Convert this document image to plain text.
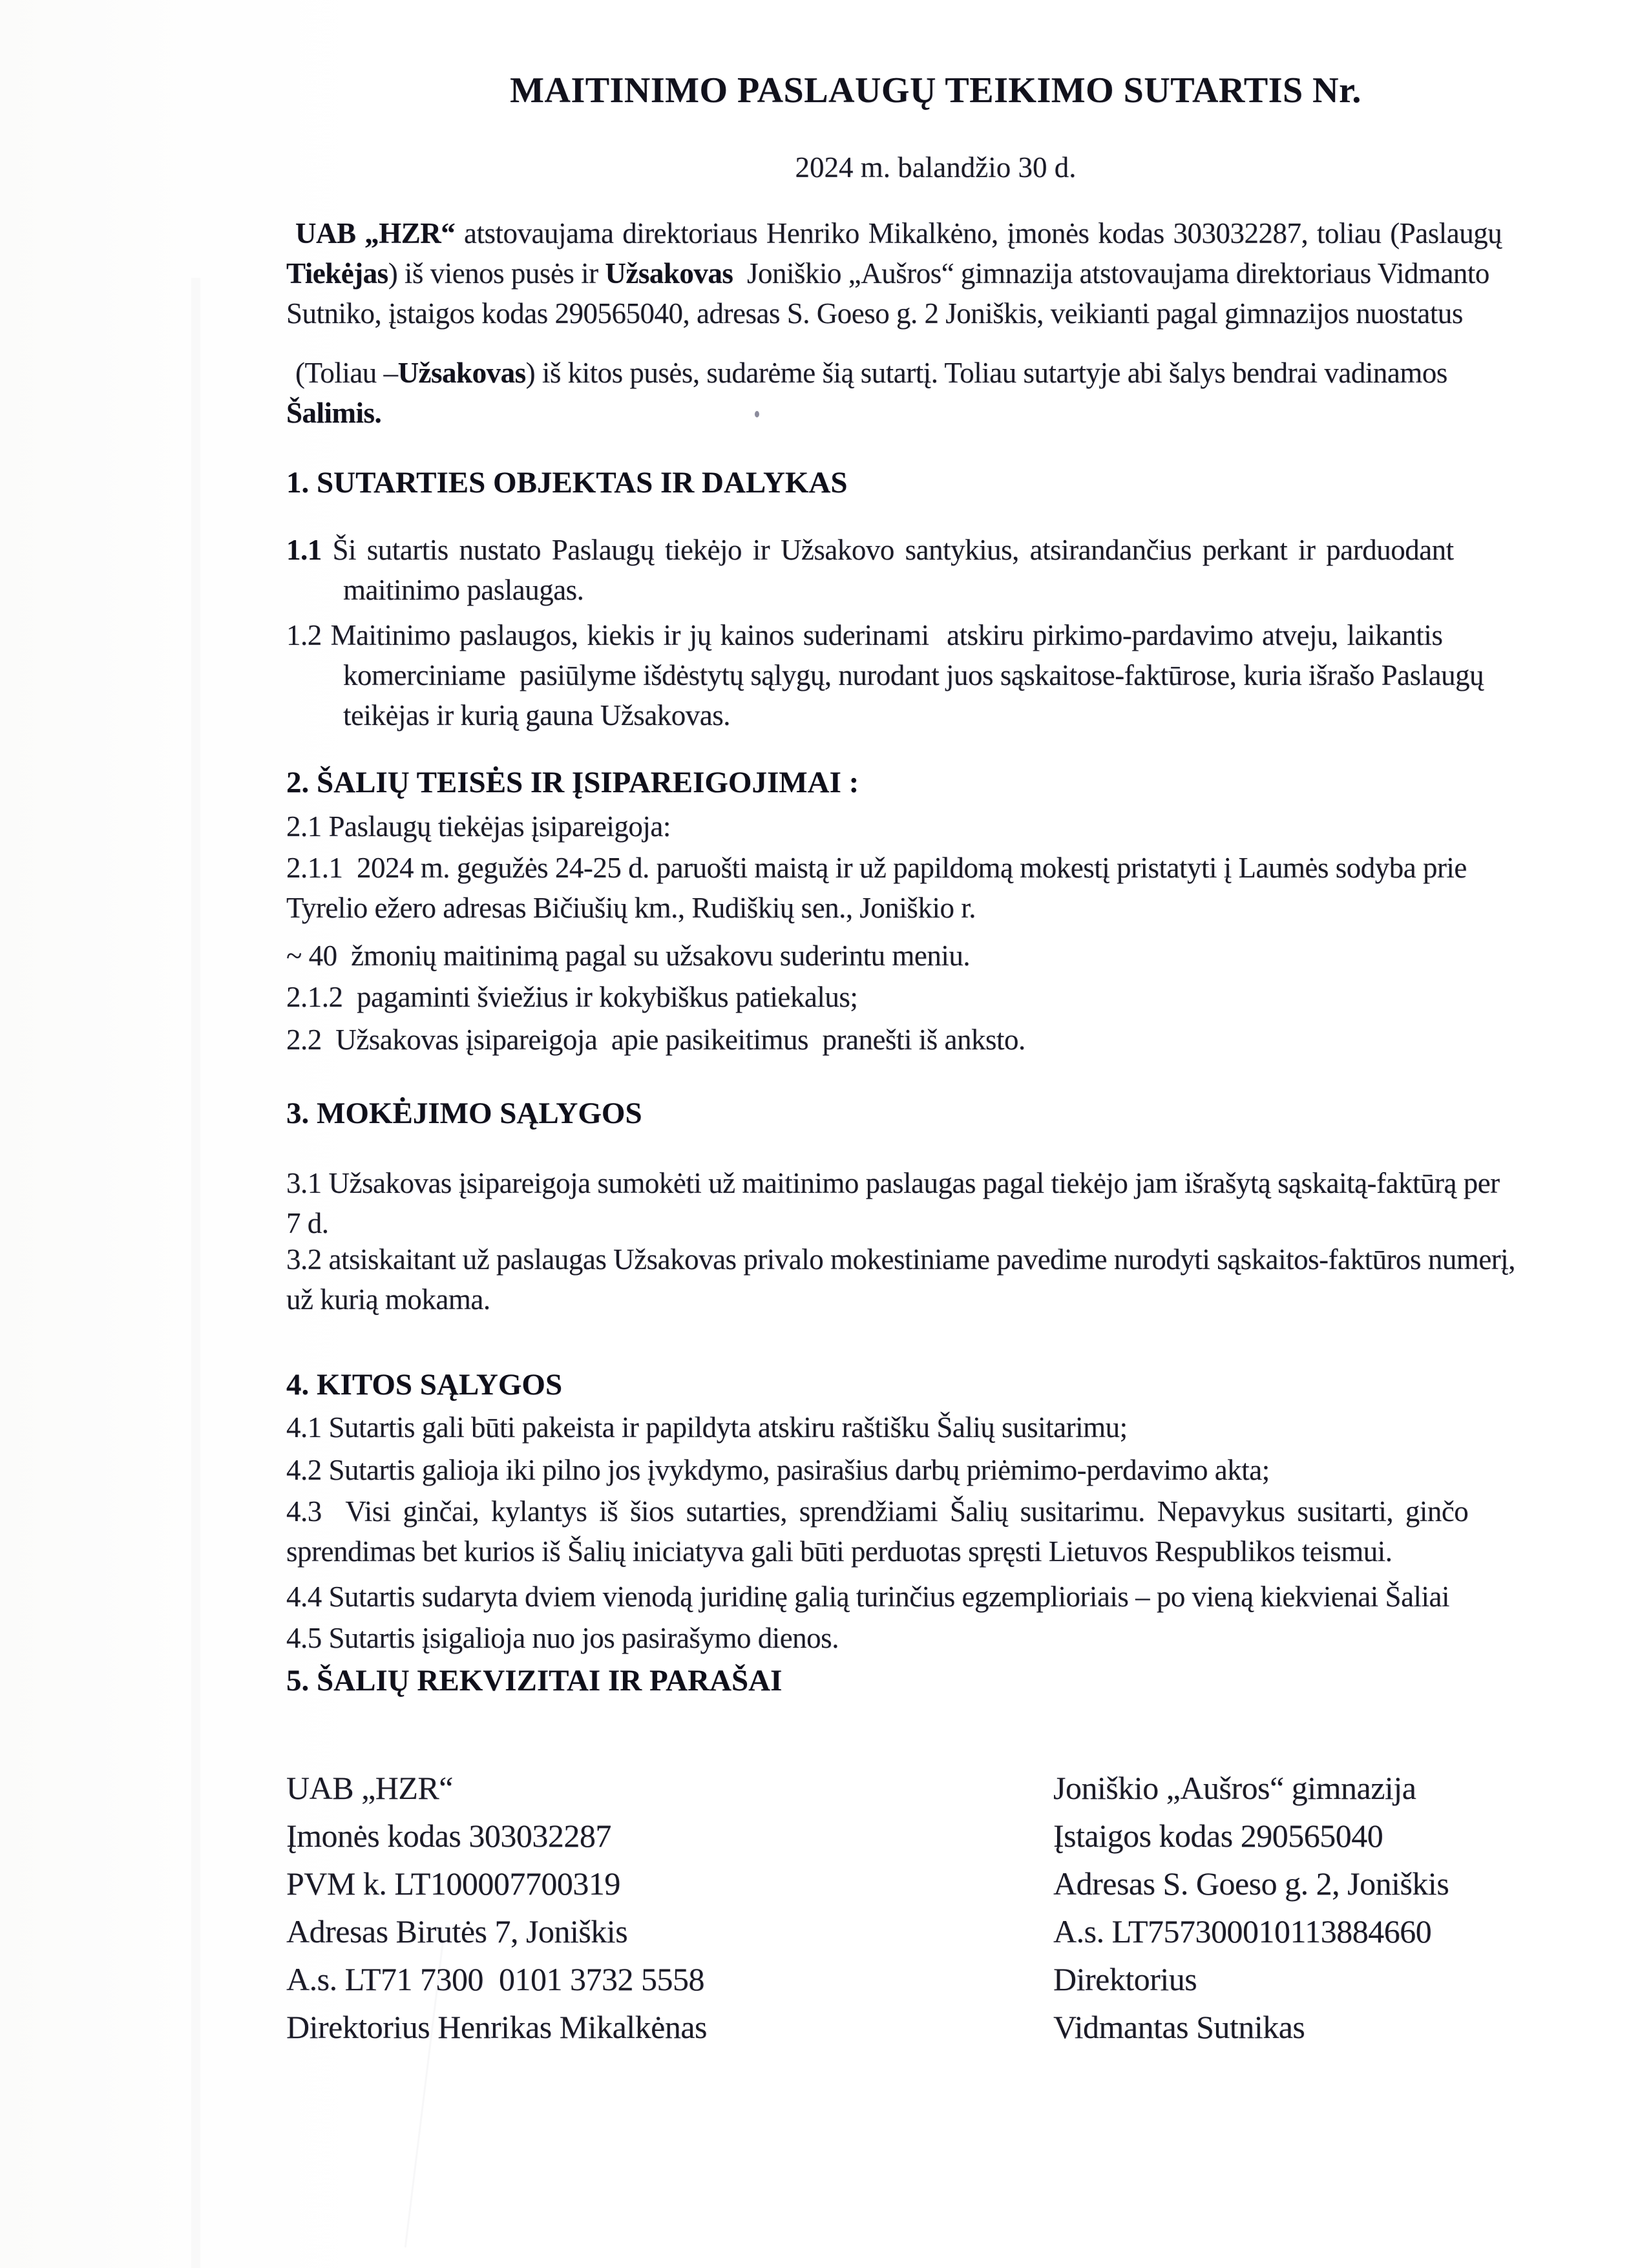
MAITINIMO PASLAUGŲ TEIKIMO SUTARTIS Nr.
2024 m. balandžio 30 d.
UAB „HZR“ atstovaujama direktoriaus Henriko Mikalkėno, įmonės kodas 303032287, toliau (Paslaugų
Tiekėjas) iš vienos pusės ir Užsakovas  Joniškio „Aušros“ gimnazija atstovaujama direktoriaus Vidmanto
Sutniko, įstaigos kodas 290565040, adresas S. Goeso g. 2 Joniškis, veikianti pagal gimnazijos nuostatus
(Toliau –Užsakovas) iš kitos pusės, sudarėme šią sutartį. Toliau sutartyje abi šalys bendrai vadinamos
Šalimis.
1. SUTARTIES OBJEKTAS IR DALYKAS
1.1 Ši sutartis nustato Paslaugų tiekėjo ir Užsakovo santykius, atsirandančius perkant ir parduodant
maitinimo paslaugas.
1.2 Maitinimo paslaugos, kiekis ir jų kainos suderinami  atskiru pirkimo-pardavimo atveju, laikantis
komerciniame  pasiūlyme išdėstytų sąlygų, nurodant juos sąskaitose-faktūrose, kuria išrašo Paslaugų
teikėjas ir kurią gauna Užsakovas.
2. ŠALIŲ TEISĖS IR ĮSIPAREIGOJIMAI :
2.1 Paslaugų tiekėjas įsipareigoja:
2.1.1  2024 m. gegužės 24-25 d. paruošti maistą ir už papildomą mokestį pristatyti į Laumės sodyba prie
Tyrelio ežero adresas Bičiušių km., Rudiškių sen., Joniškio r.
~ 40  žmonių maitinimą pagal su užsakovu suderintu meniu.
2.1.2  pagaminti šviežius ir kokybiškus patiekalus;
2.2  Užsakovas įsipareigoja  apie pasikeitimus  pranešti iš anksto.
3. MOKĖJIMO SĄLYGOS
3.1 Užsakovas įsipareigoja sumokėti už maitinimo paslaugas pagal tiekėjo jam išrašytą sąskaitą-faktūrą per
7 d.
3.2 atsiskaitant už paslaugas Užsakovas privalo mokestiniame pavedime nurodyti sąskaitos-faktūros numerį,
už kurią mokama.
4. KITOS SĄLYGOS
4.1 Sutartis gali būti pakeista ir papildyta atskiru raštišku Šalių susitarimu;
4.2 Sutartis galioja iki pilno jos įvykdymo, pasirašius darbų priėmimo-perdavimo akta;
4.3  Visi ginčai, kylantys iš šios sutarties, sprendžiami Šalių susitarimu. Nepavykus susitarti, ginčo
sprendimas bet kurios iš Šalių iniciatyva gali būti perduotas spręsti Lietuvos Respublikos teismui.
4.4 Sutartis sudaryta dviem vienodą juridinę galią turinčius egzemplioriais – po vieną kiekvienai Šaliai
4.5 Sutartis įsigalioja nuo jos pasirašymo dienos.
5. ŠALIŲ REKVIZITAI IR PARAŠAI
UAB „HZR“
Įmonės kodas 303032287
PVM k. LT100007700319
Adresas Birutės 7, Joniškis
A.s. LT71 7300  0101 3732 5558
Direktorius Henrikas Mikalkėnas
Joniškio „Aušros“ gimnazija
Įstaigos kodas 290565040
Adresas S. Goeso g. 2, Joniškis
A.s. LT757300010113884660
Direktorius
Vidmantas Sutnikas
